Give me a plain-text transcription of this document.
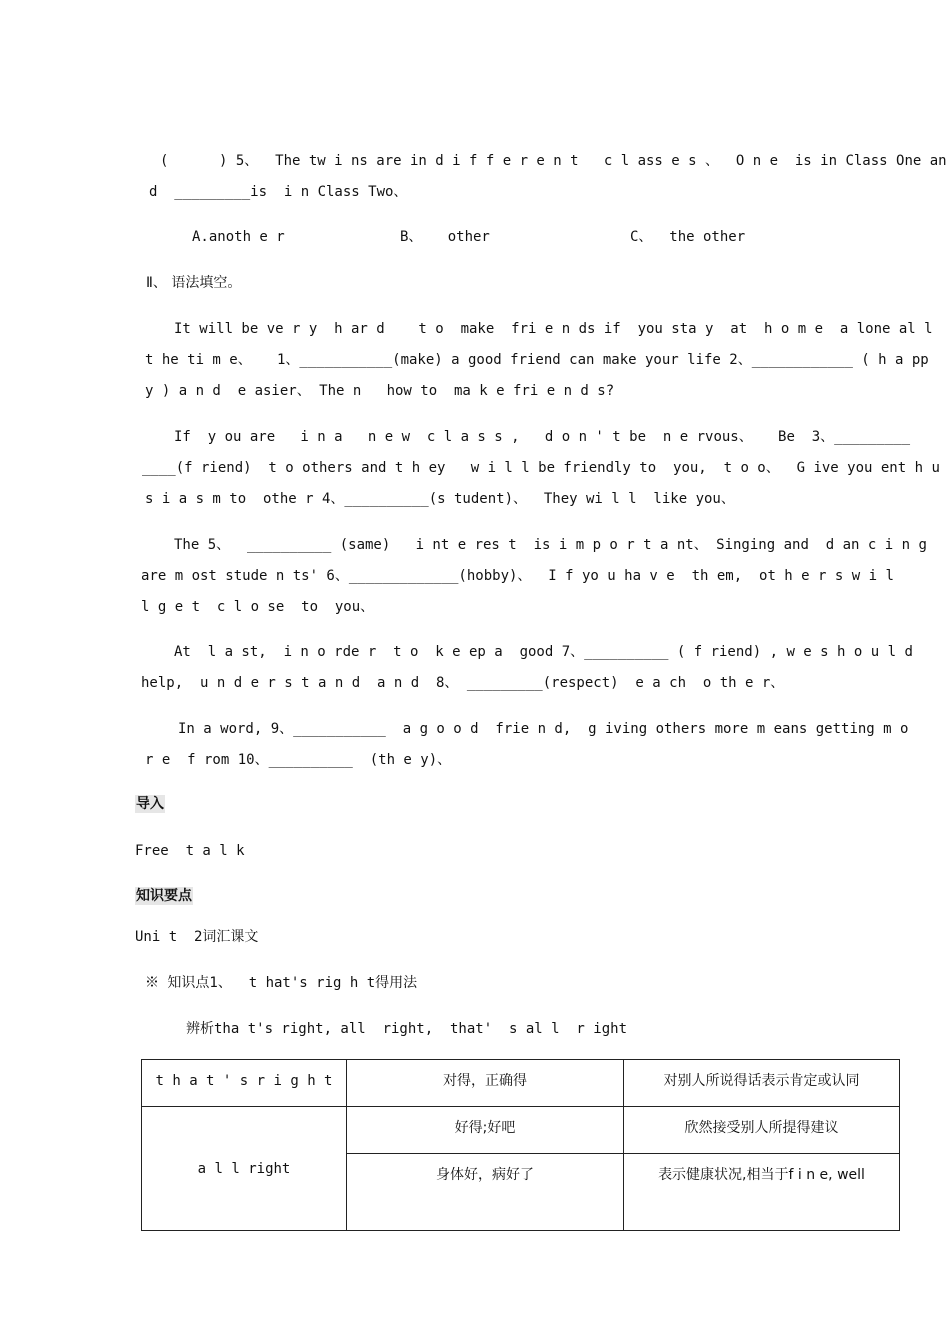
(      ) 5、  The tw i ns are in d i f f e r e n t   c l ass e s 、  O n e  is in Class One an
d  _________is  i n Class Two、
A.anoth e r	B、   other	C、  the other
Ⅱ、 语法填空。
It will be ve r y  h ar d    t o  make  fri e n ds if  you sta y  at  h o m e  a lone al l
t he ti m e、   1、___________(make) a good friend can make your life 2、____________ ( h a pp
y ) a n d  e asier、 The n   how to  ma k e fri e n d s?
If  y ou are   i n a   n e w  c l a s s ,   d o n ' t be  n e rvous、   Be  3、_________
____(f riend)  t o others and t h ey   w i l l be friendly to  you,  t o o、  G ive you ent h u
s i a s m to  othe r 4、__________(s tudent)、  They wi l l  like you、
The 5、  __________ (same)   i nt e res t  is i m p o r t a nt、 Singing and  d an c i n g
are m ost stude n ts' 6、_____________(hobby)、  I f yo u ha v e  th em,  ot h e r s w i l
l g e t  c l o se  to  you、
At  l a st,  i n o rde r  t o  k e ep a  good 7、__________ ( f riend) , w e s h o u l d
help,  u n d e r s t a n d  a n d  8、 _________(respect)  e a ch  o th e r、
In a word, 9、___________  a g o o d  frie n d,  g iving others more m eans getting m o
r e  f rom 10、__________  (th e y)、
导入
Free  t a l k
知识要点
Uni t  2词汇课文
※ 知识点1、  t hat's rig h t得用法
辨析tha t's right, all  right,  that'  s al l  r ight
t h a t ' s r i g h t	对得，正确得	对别人所说得话表示肯定或认同
a l l right	好得;好吧	欣然接受别人所提得建议
	身体好，病好了	表示健康状况,相当于f i n e, well
